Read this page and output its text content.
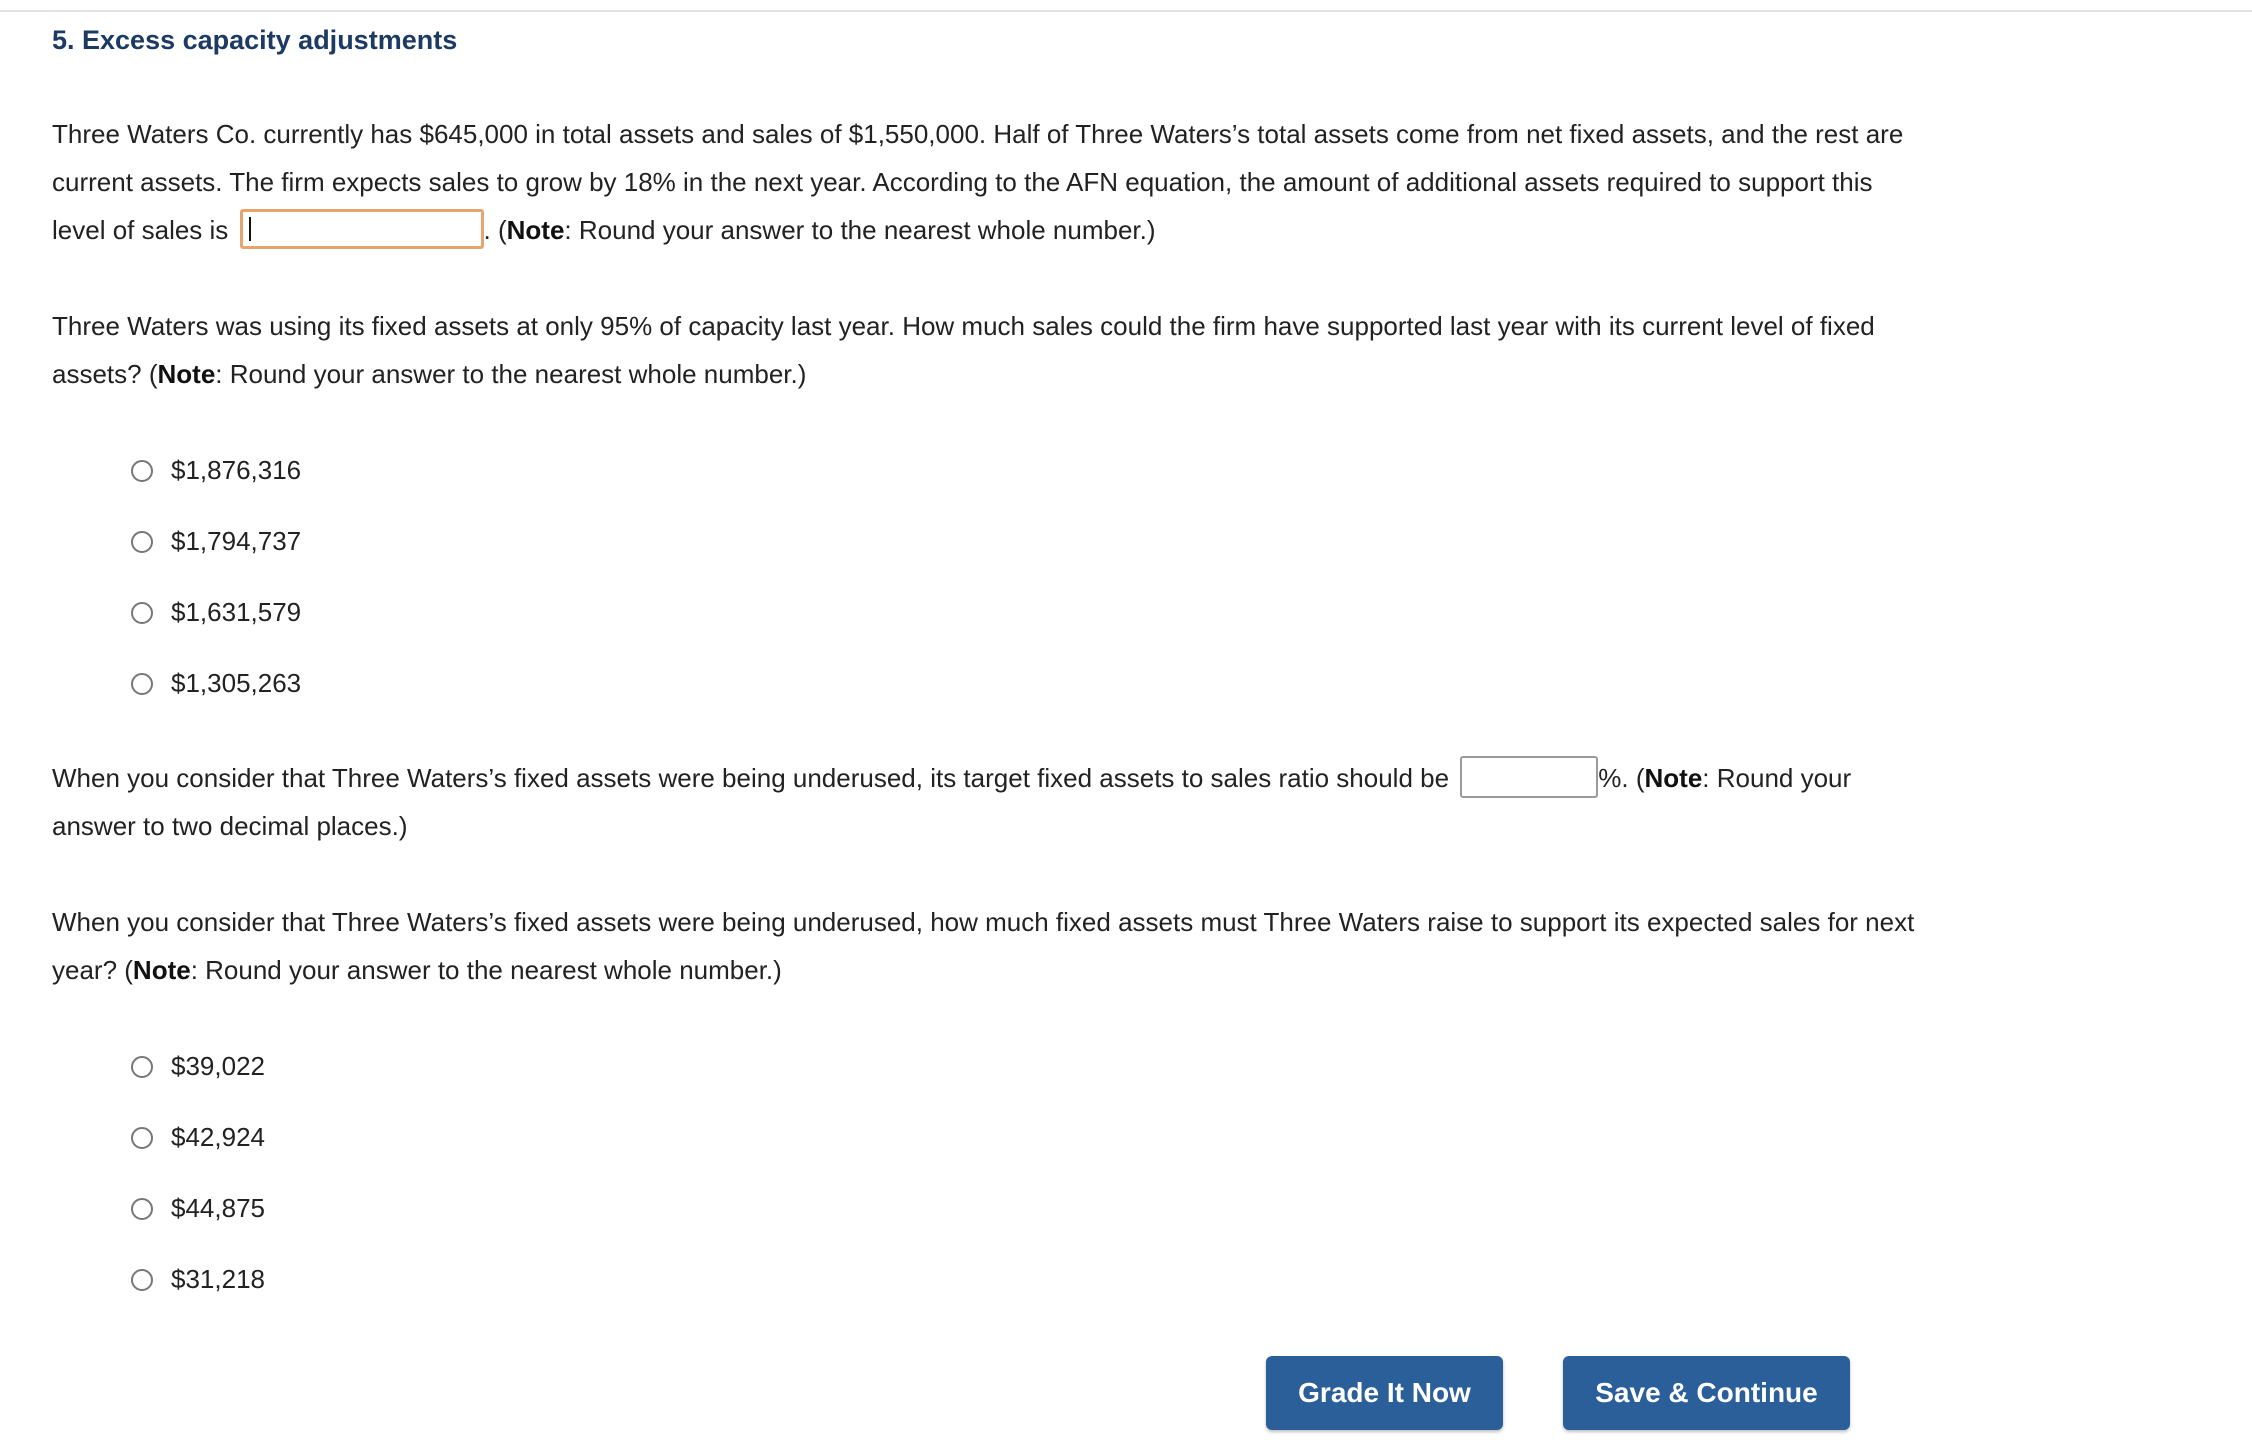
5. Excess capacity adjustments

Three Waters Co. currently has $645,000 in total assets and sales of $1,550,000. Half of Three Waters’s total assets come from net fixed assets, and the rest are current assets. The firm expects sales to grow by 18% in the next year. According to the AFN equation, the amount of additional assets required to support this level of sales is	. (Note: Round your answer to the nearest whole number.)

Three Waters was using its fixed assets at only 95% of capacity last year. How much sales could the firm have supported last year with its current level of fixed assets? (Note: Round your answer to the nearest whole number.)

$1,876,316
$1,794,737
$1,631,579
$1,305,263

When you consider that Three Waters’s fixed assets were being underused, its target fixed assets to sales ratio should be	%. (Note: Round your answer to two decimal places.)

When you consider that Three Waters’s fixed assets were being underused, how much fixed assets must Three Waters raise to support its expected sales for next year? (Note: Round your answer to the nearest whole number.)

$39,022
$42,924
$44,875
$31,218
Grade It Now	Save & Continue
